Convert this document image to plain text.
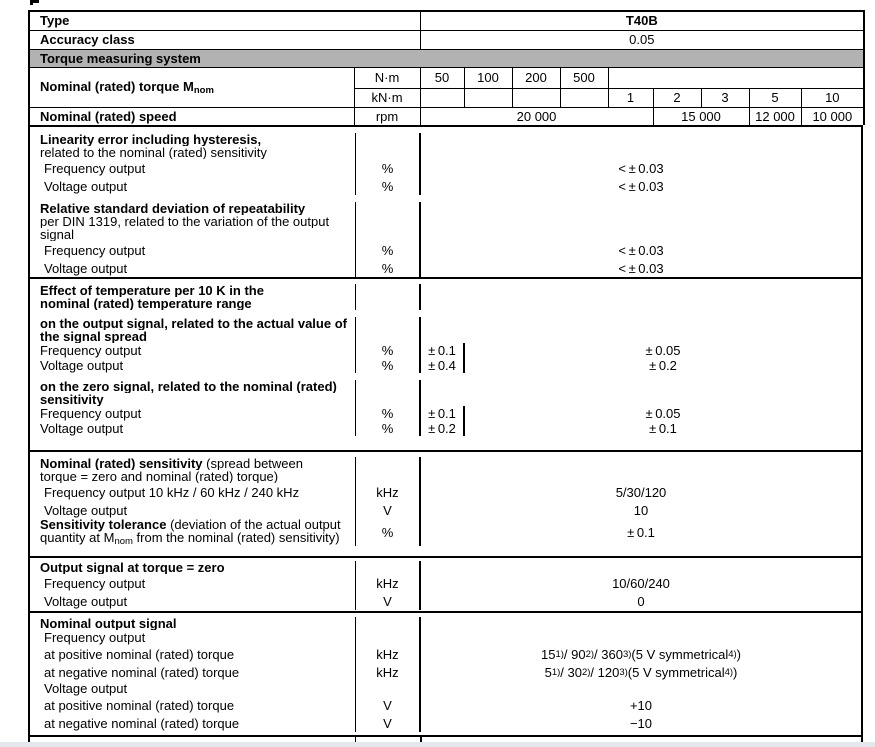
Type		T40B								
Accuracy class		0.05								
Torque measuring system										
Nominal (rated) torque Mnom	N·m	50	100	200	500					
	kN·m					1	2	3	5	10
Nominal (rated) speed	rpm	20 000					15 000		12 000	10 000
Linearity error including hysteresis,
related to the nominal (rated) sensitivity
Frequency output	%	< ± 0.03
Voltage output	%	< ± 0.03
Relative standard deviation of repeatability
per DIN 1319, related to the variation of the output
signal
Frequency output	%	< ± 0.03
Voltage output	%	< ± 0.03
Effect of temperature per 10 K in the
nominal (rated) temperature range
on the output signal, related to the actual value of
the signal spread
Frequency output	%	± 0.1	± 0.05
Voltage output	%	± 0.4	± 0.2
on the zero signal, related to the nominal (rated)
sensitivity
Frequency output	%	± 0.1	± 0.05
Voltage output	%	± 0.2	± 0.1
Nominal (rated) sensitivity (spread between
torque = zero and nominal (rated) torque)
Frequency output 10 kHz / 60 kHz / 240 kHz	kHz	5/30/120
Voltage output	V	10
Sensitivity tolerance (deviation of the actual output
quantity at Mnom from the nominal (rated) sensitivity)	%	± 0.1
Output signal at torque = zero
Frequency output	kHz	10/60/240
Voltage output	V	0
Nominal output signal
Frequency output
at positive nominal (rated) torque	kHz	15 1) / 90 2) / 360 3) (5 V symmetrical 4) )
at negative nominal (rated) torque	kHz	5 1) / 30 2) / 120 3) (5 V symmetrical 4) )
Voltage output
at positive nominal (rated) torque	V	+10
at negative nominal (rated) torque	V	−10
